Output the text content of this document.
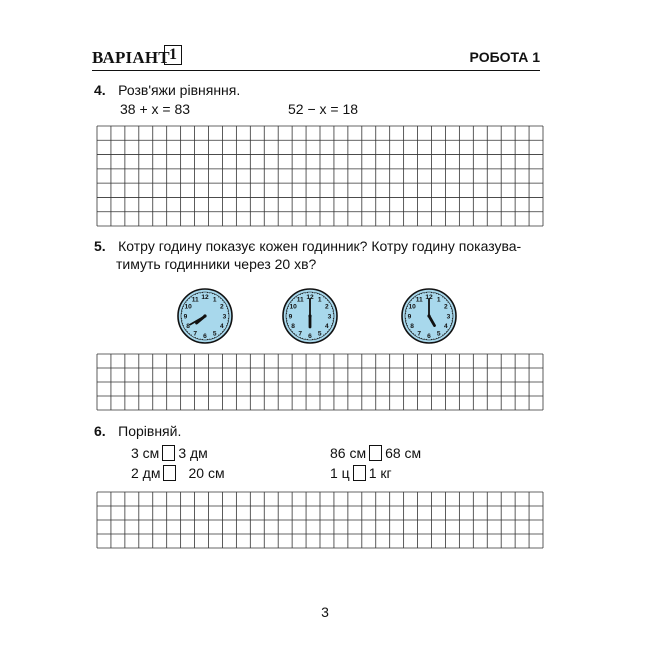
ВАРІАНТ 1	РОБОТА 1
4. Розв'яжи рівняння.
38 + x = 83	52 − x = 18
5. Котру годину показує кожен годинник? Котру годину показува-
тимуть годинники через 20 хв?
1
2
3
4
5
6
7
8
9
10
11 12	1
2
3
4
5
6
7
8
9
10
11 12	1
2
3
4
5
6
7
8
9
10
11 12
6. Порівняй.
3 см 3 дм	86 см 68 см
2 дм 20 см	1 ц 1 кг
3
